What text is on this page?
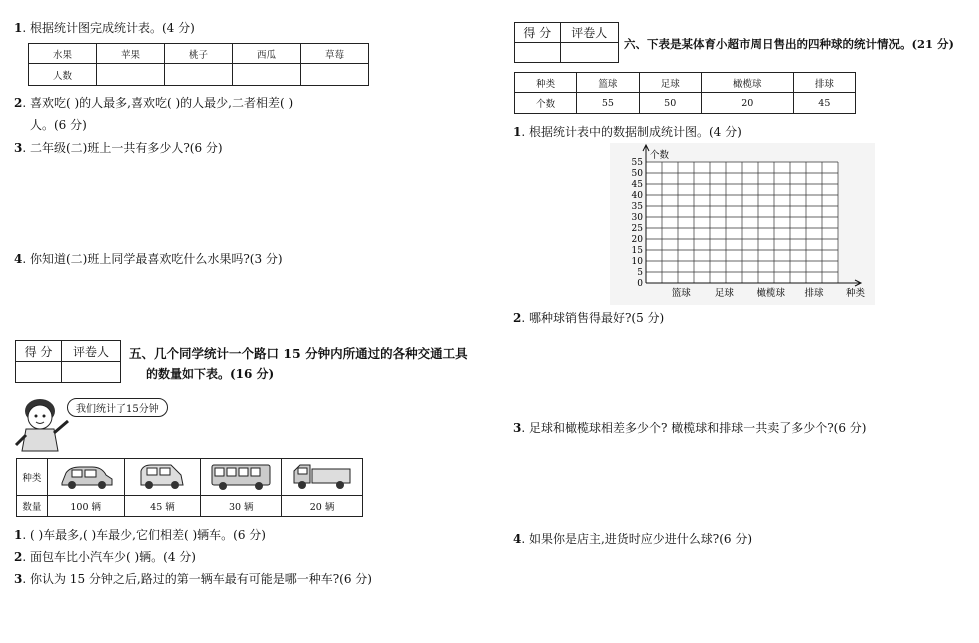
1. 根据统计图完成统计表。(4 分)
水果	苹果	桃子	西瓜	草莓
人数				
2. 喜欢吃( )的人最多,喜欢吃( )的人最少,二者相差( )
人。(6 分)
3. 二年级(二)班上一共有多少人?(6 分)
4. 你知道(二)班上同学最喜欢吃什么水果吗?(3 分)
得 分	评卷人
	五、几个同学统计一个路口 15 分钟内所通过的各种交通工具
的数量如下表。(16 分)
我们统计了15分钟
种类				
数量	100 辆	45 辆	30 辆	20 辆
1. ( )车最多,( )车最少,它们相差( )辆车。(6 分)
2. 面包车比小汽车少( )辆。(4 分)
3. 你认为 15 分钟之后,路过的第一辆车最有可能是哪一种车?(6 分)
得 分	评卷人

六、下表是某体育小超市周日售出的四种球的统计情况。(21 分)
种类	篮球	足球	橄榄球	排球
个数	55	50	20	45
1. 根据统计表中的数据制成统计图。(4 分)
0
5
10
15
20
25
30
35
40
45
50
55
个数
种类
篮球	足球 橄榄球 排球
2. 哪种球销售得最好?(5 分)
3. 足球和橄榄球相差多少个? 橄榄球和排球一共卖了多少个?(6 分)
4. 如果你是店主,进货时应少进什么球?(6 分)
